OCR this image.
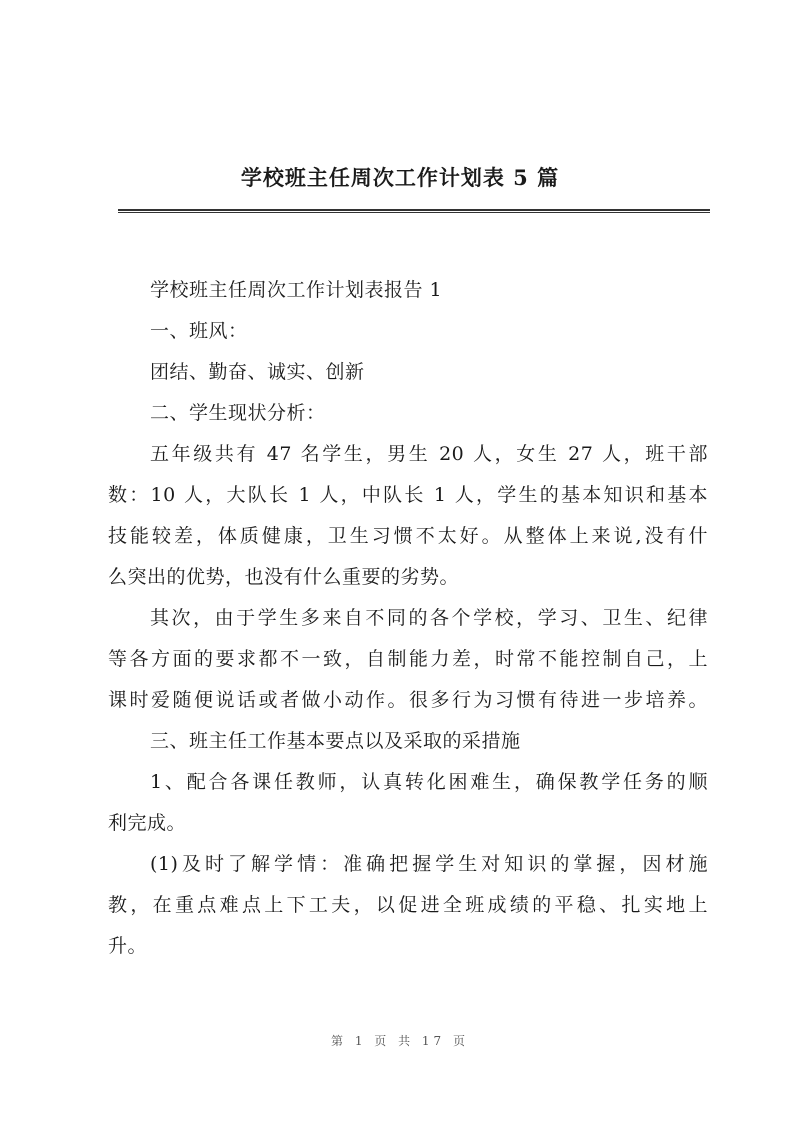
学校班主任周次工作计划表 5 篇
学校班主任周次工作计划表报告 1
一、班风：
团结、勤奋、诚实、创新
二、学生现状分析：
五年级共有 47 名学生，男生 20 人，女生 27 人，班干部
数：10 人，大队长 1 人，中队长 1 人，学生的基本知识和基本
技能较差，体质健康，卫生习惯不太好。从整体上来说,没有什
么突出的优势，也没有什么重要的劣势。
其次，由于学生多来自不同的各个学校，学习、卫生、纪律
等各方面的要求都不一致，自制能力差，时常不能控制自己，上
课时爱随便说话或者做小动作。很多行为习惯有待进一步培养。
三、班主任工作基本要点以及采取的采措施
1、配合各课任教师，认真转化困难生，确保教学任务的顺
利完成。
(1)及时了解学情：准确把握学生对知识的掌握，因材施
教，在重点难点上下工夫，以促进全班成绩的平稳、扎实地上
升。
第 1 页 共 17 页
